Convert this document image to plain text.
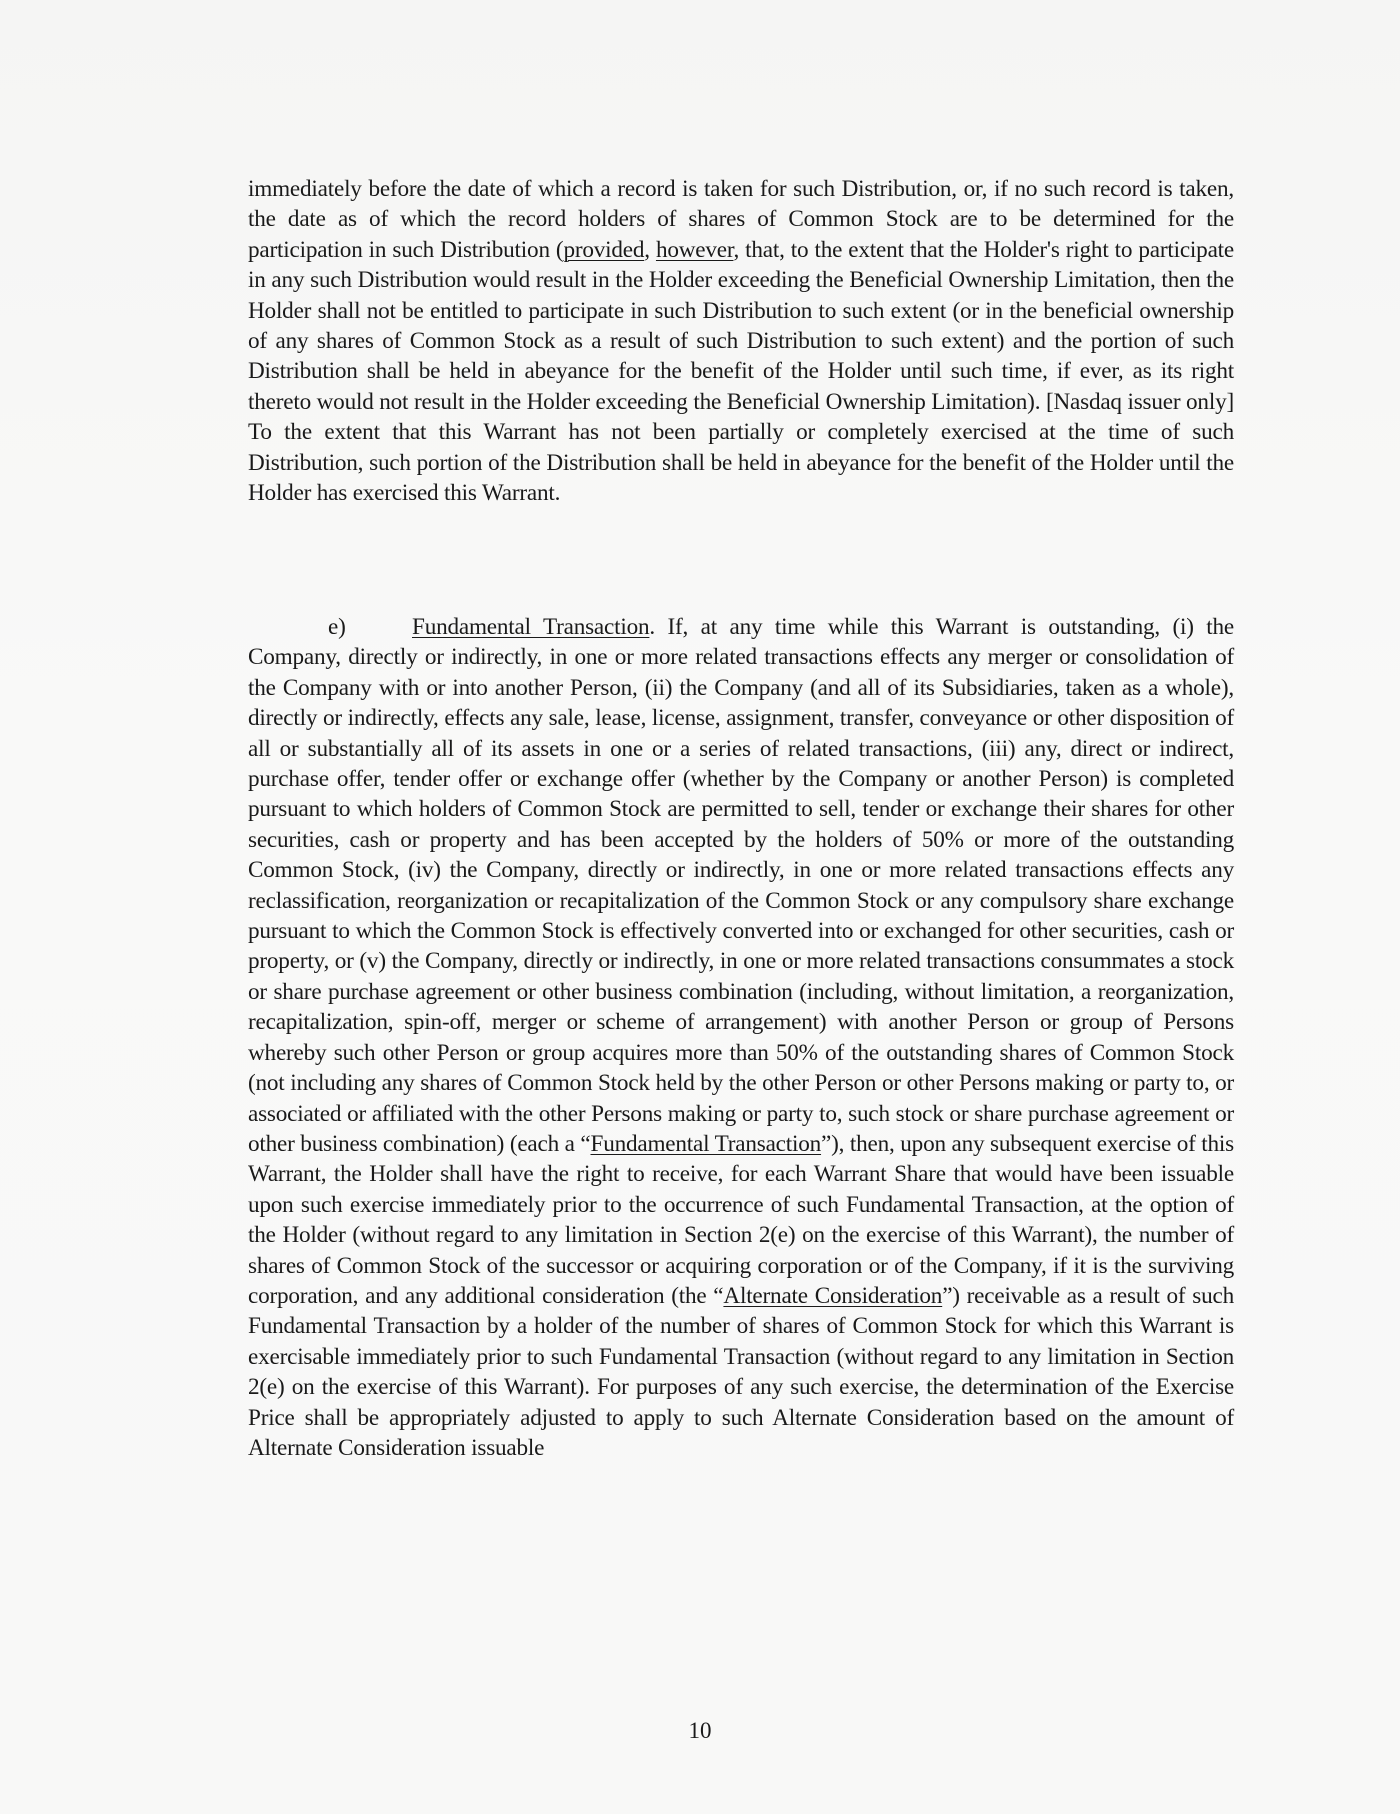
immediately before the date of which a record is taken for such Distribution, or, if no such record is taken, the date as of which the record holders of shares of Common Stock are to be determined for the participation in such Distribution (provided, however, that, to the extent that the Holder's right to participate in any such Distribution would result in the Holder exceeding the Beneficial Ownership Limitation, then the Holder shall not be entitled to participate in such Distribution to such extent (or in the beneficial ownership of any shares of Common Stock as a result of such Distribution to such extent) and the portion of such Distribution shall be held in abeyance for the benefit of the Holder until such time, if ever, as its right thereto would not result in the Holder exceeding the Beneficial Ownership Limitation). [Nasdaq issuer only] To the extent that this Warrant has not been partially or completely exercised at the time of such Distribution, such portion of the Distribution shall be held in abeyance for the benefit of the Holder until the Holder has exercised this Warrant.
e)	Fundamental Transaction. If, at any time while this Warrant is outstanding, (i) the Company, directly or indirectly, in one or more related transactions effects any merger or consolidation of the Company with or into another Person, (ii) the Company (and all of its Subsidiaries, taken as a whole), directly or indirectly, effects any sale, lease, license, assignment, transfer, conveyance or other disposition of all or substantially all of its assets in one or a series of related transactions, (iii) any, direct or indirect, purchase offer, tender offer or exchange offer (whether by the Company or another Person) is completed pursuant to which holders of Common Stock are permitted to sell, tender or exchange their shares for other securities, cash or property and has been accepted by the holders of 50% or more of the outstanding Common Stock, (iv) the Company, directly or indirectly, in one or more related transactions effects any reclassification, reorganization or recapitalization of the Common Stock or any compulsory share exchange pursuant to which the Common Stock is effectively converted into or exchanged for other securities, cash or property, or (v) the Company, directly or indirectly, in one or more related transactions consummates a stock or share purchase agreement or other business combination (including, without limitation, a reorganization, recapitalization, spin-off, merger or scheme of arrangement) with another Person or group of Persons whereby such other Person or group acquires more than 50% of the outstanding shares of Common Stock (not including any shares of Common Stock held by the other Person or other Persons making or party to, or associated or affiliated with the other Persons making or party to, such stock or share purchase agreement or other business combination) (each a “Fundamental Transaction”), then, upon any subsequent exercise of this Warrant, the Holder shall have the right to receive, for each Warrant Share that would have been issuable upon such exercise immediately prior to the occurrence of such Fundamental Transaction, at the option of the Holder (without regard to any limitation in Section 2(e) on the exercise of this Warrant), the number of shares of Common Stock of the successor or acquiring corporation or of the Company, if it is the surviving corporation, and any additional consideration (the “Alternate Consideration”) receivable as a result of such Fundamental Transaction by a holder of the number of shares of Common Stock for which this Warrant is exercisable immediately prior to such Fundamental Transaction (without regard to any limitation in Section 2(e) on the exercise of this Warrant). For purposes of any such exercise, the determination of the Exercise Price shall be appropriately adjusted to apply to such Alternate Consideration based on the amount of Alternate Consideration issuable
10
